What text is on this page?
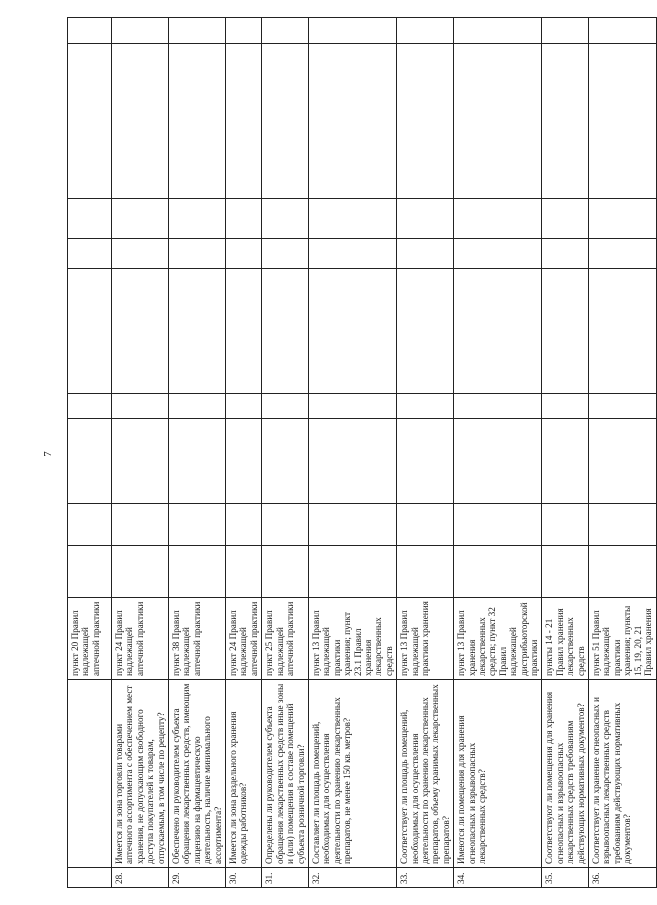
7
		пункт 20 Правил надлежащей аптечной практики									
28.	Имеется ли зона торговли товарами аптечного ассортимента с обеспечением мест хранения, не допускающим свободного доступа покупателей к товарам, отпускаемым, в том числе по рецепту?	пункт 24 Правил надлежащей аптечной практики									
29.	Обеспечено ли руководителем субъекта обращения лекарственных средств, имеющим лицензию на фармацевтическую деятельность, наличие минимального ассортимента?	пункт 38 Правил надлежащей аптечной практики									
30.	Имеется ли зона раздельного хранения одежды работников?	пункт 24 Правил надлежащей аптечной практики									
31.	Определены ли руководителем субъекта обращения лекарственных средств иные зоны и (или) помещения в составе помещений субъекта розничной торговли?	пункт 25 Правил надлежащей аптечной практики									
32.	Составляет ли площадь помещений, необходимых для осуществления деятельности по хранению лекарственных препаратов, не менее 150 кв. метров?	пункт 13 Правил надлежащей практики хранения; пункт 23.1 Правил хранения лекарственных средств									
33.	Соответствует ли площадь помещений, необходимых для осуществления деятельности по хранению лекарственных препаратов, объему хранимых лекарственных препаратов?	пункт 13 Правил надлежащей практики хранения									
34.	Имеются ли помещения для хранения огнеопасных и взрывоопасных лекарственных средств?	пункт 13 Правил хранения лекарственных средств; пункт 32 Правил надлежащей дистрибьюторской практики									
35.	Соответствуют ли помещения для хранения огнеопасных и взрывоопасных лекарственных средств требованиям действующих нормативных документов?	пункты 14 - 21 Правил хранения лекарственных средств									
36.	Соответствует ли хранение огнеопасных и взрывоопасных лекарственных средств требованиям действующих нормативных документов?	пункт 51 Правил надлежащей практики хранения; пункты 15, 19, 20, 21 Правил хранения									
